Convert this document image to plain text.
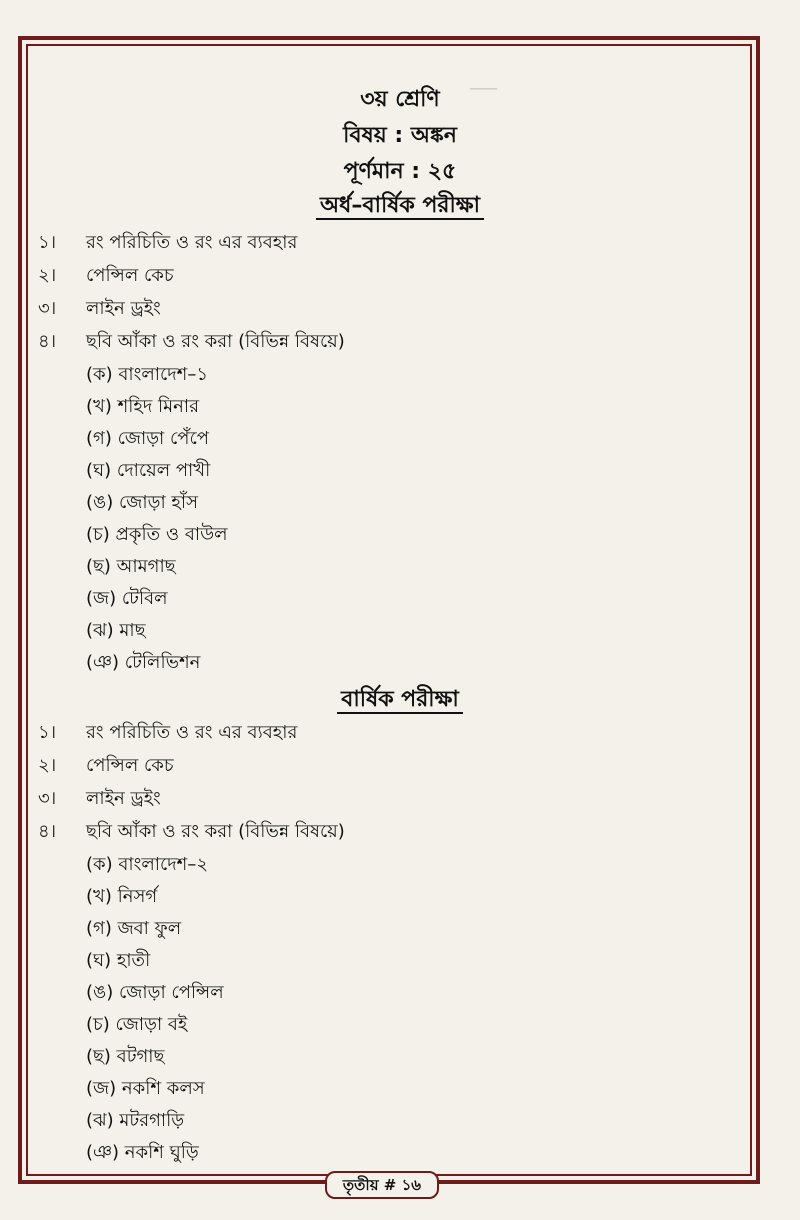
───
৩য় শ্রেণি
বিষয় : অঙ্কন
পূর্ণমান : ২৫
অর্ধ–বার্ষিক পরীক্ষা
১।	রং পরিচিতি ও রং এর ব্যবহার
২।	পেন্সিল কেচ
৩।	লাইন ড্রইং
৪।	ছবি আঁকা ও রং করা (বিভিন্ন বিষয়ে)
(ক) বাংলাদেশ–১
(খ) শহিদ মিনার
(গ) জোড়া পেঁপে
(ঘ) দোয়েল পাখী
(ঙ) জোড়া হাঁস
(চ) প্রকৃতি ও বাউল
(ছ) আমগাছ
(জ) টেবিল
(ঝ) মাছ
(ঞ) টেলিভিশন
বার্ষিক পরীক্ষা
১।	রং পরিচিতি ও রং এর ব্যবহার
২।	পেন্সিল কেচ
৩।	লাইন ড্রইং
৪।	ছবি আঁকা ও রং করা (বিভিন্ন বিষয়ে)
(ক) বাংলাদেশ–২
(খ) নিসর্গ
(গ) জবা ফুল
(ঘ) হাতী
(ঙ) জোড়া পেন্সিল
(চ) জোড়া বই
(ছ) বটগাছ
(জ) নকশি কলস
(ঝ) মটরগাড়ি
(ঞ) নকশি ঘুড়ি
তৃতীয় # ১৬
